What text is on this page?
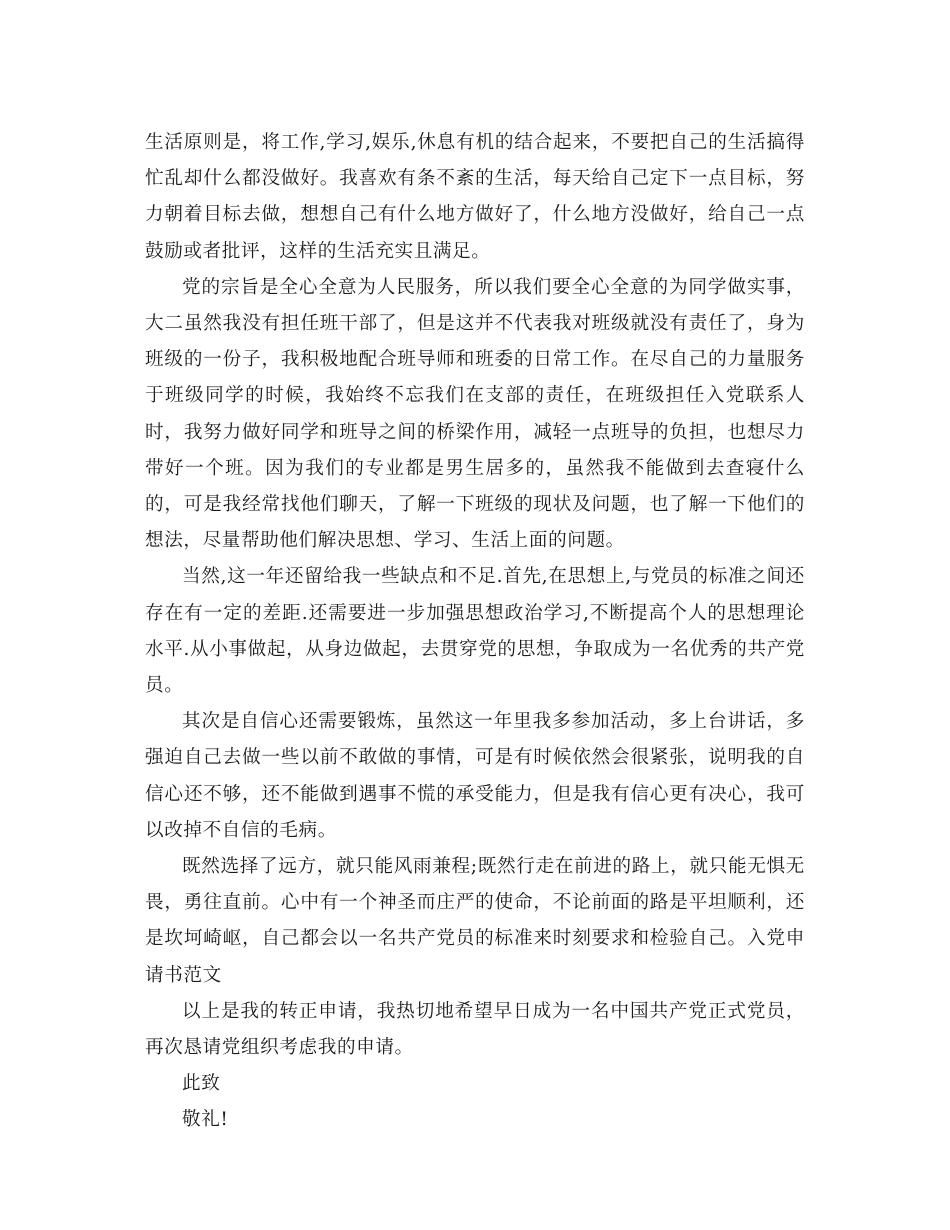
生活原则是，将工作,学习,娱乐,休息有机的结合起来，不要把自己的生活搞得忙乱却什么都没做好。我喜欢有条不紊的生活，每天给自己定下一点目标，努力朝着目标去做，想想自己有什么地方做好了，什么地方没做好，给自己一点鼓励或者批评，这样的生活充实且满足。

党的宗旨是全心全意为人民服务，所以我们要全心全意的为同学做实事，大二虽然我没有担任班干部了，但是这并不代表我对班级就没有责任了，身为班级的一份子，我积极地配合班导师和班委的日常工作。在尽自己的力量服务于班级同学的时候，我始终不忘我们在支部的责任，在班级担任入党联系人时，我努力做好同学和班导之间的桥梁作用，减轻一点班导的负担，也想尽力带好一个班。因为我们的专业都是男生居多的，虽然我不能做到去查寝什么的，可是我经常找他们聊天，了解一下班级的现状及问题，也了解一下他们的想法，尽量帮助他们解决思想、学习、生活上面的问题。

当然,这一年还留给我一些缺点和不足.首先,在思想上,与党员的标准之间还存在有一定的差距.还需要进一步加强思想政治学习,不断提高个人的思想理论水平.从小事做起，从身边做起，去贯穿党的思想，争取成为一名优秀的共产党员。

其次是自信心还需要锻炼，虽然这一年里我多参加活动，多上台讲话，多强迫自己去做一些以前不敢做的事情，可是有时候依然会很紧张，说明我的自信心还不够，还不能做到遇事不慌的承受能力，但是我有信心更有决心，我可以改掉不自信的毛病。

既然选择了远方，就只能风雨兼程;既然行走在前进的路上，就只能无惧无畏，勇往直前。心中有一个神圣而庄严的使命，不论前面的路是平坦顺利，还是坎坷崎岖，自己都会以一名共产党员的标准来时刻要求和检验自己。入党申请书范文

以上是我的转正申请，我热切地希望早日成为一名中国共产党正式党员，再次恳请党组织考虑我的申请。

此致

敬礼!
